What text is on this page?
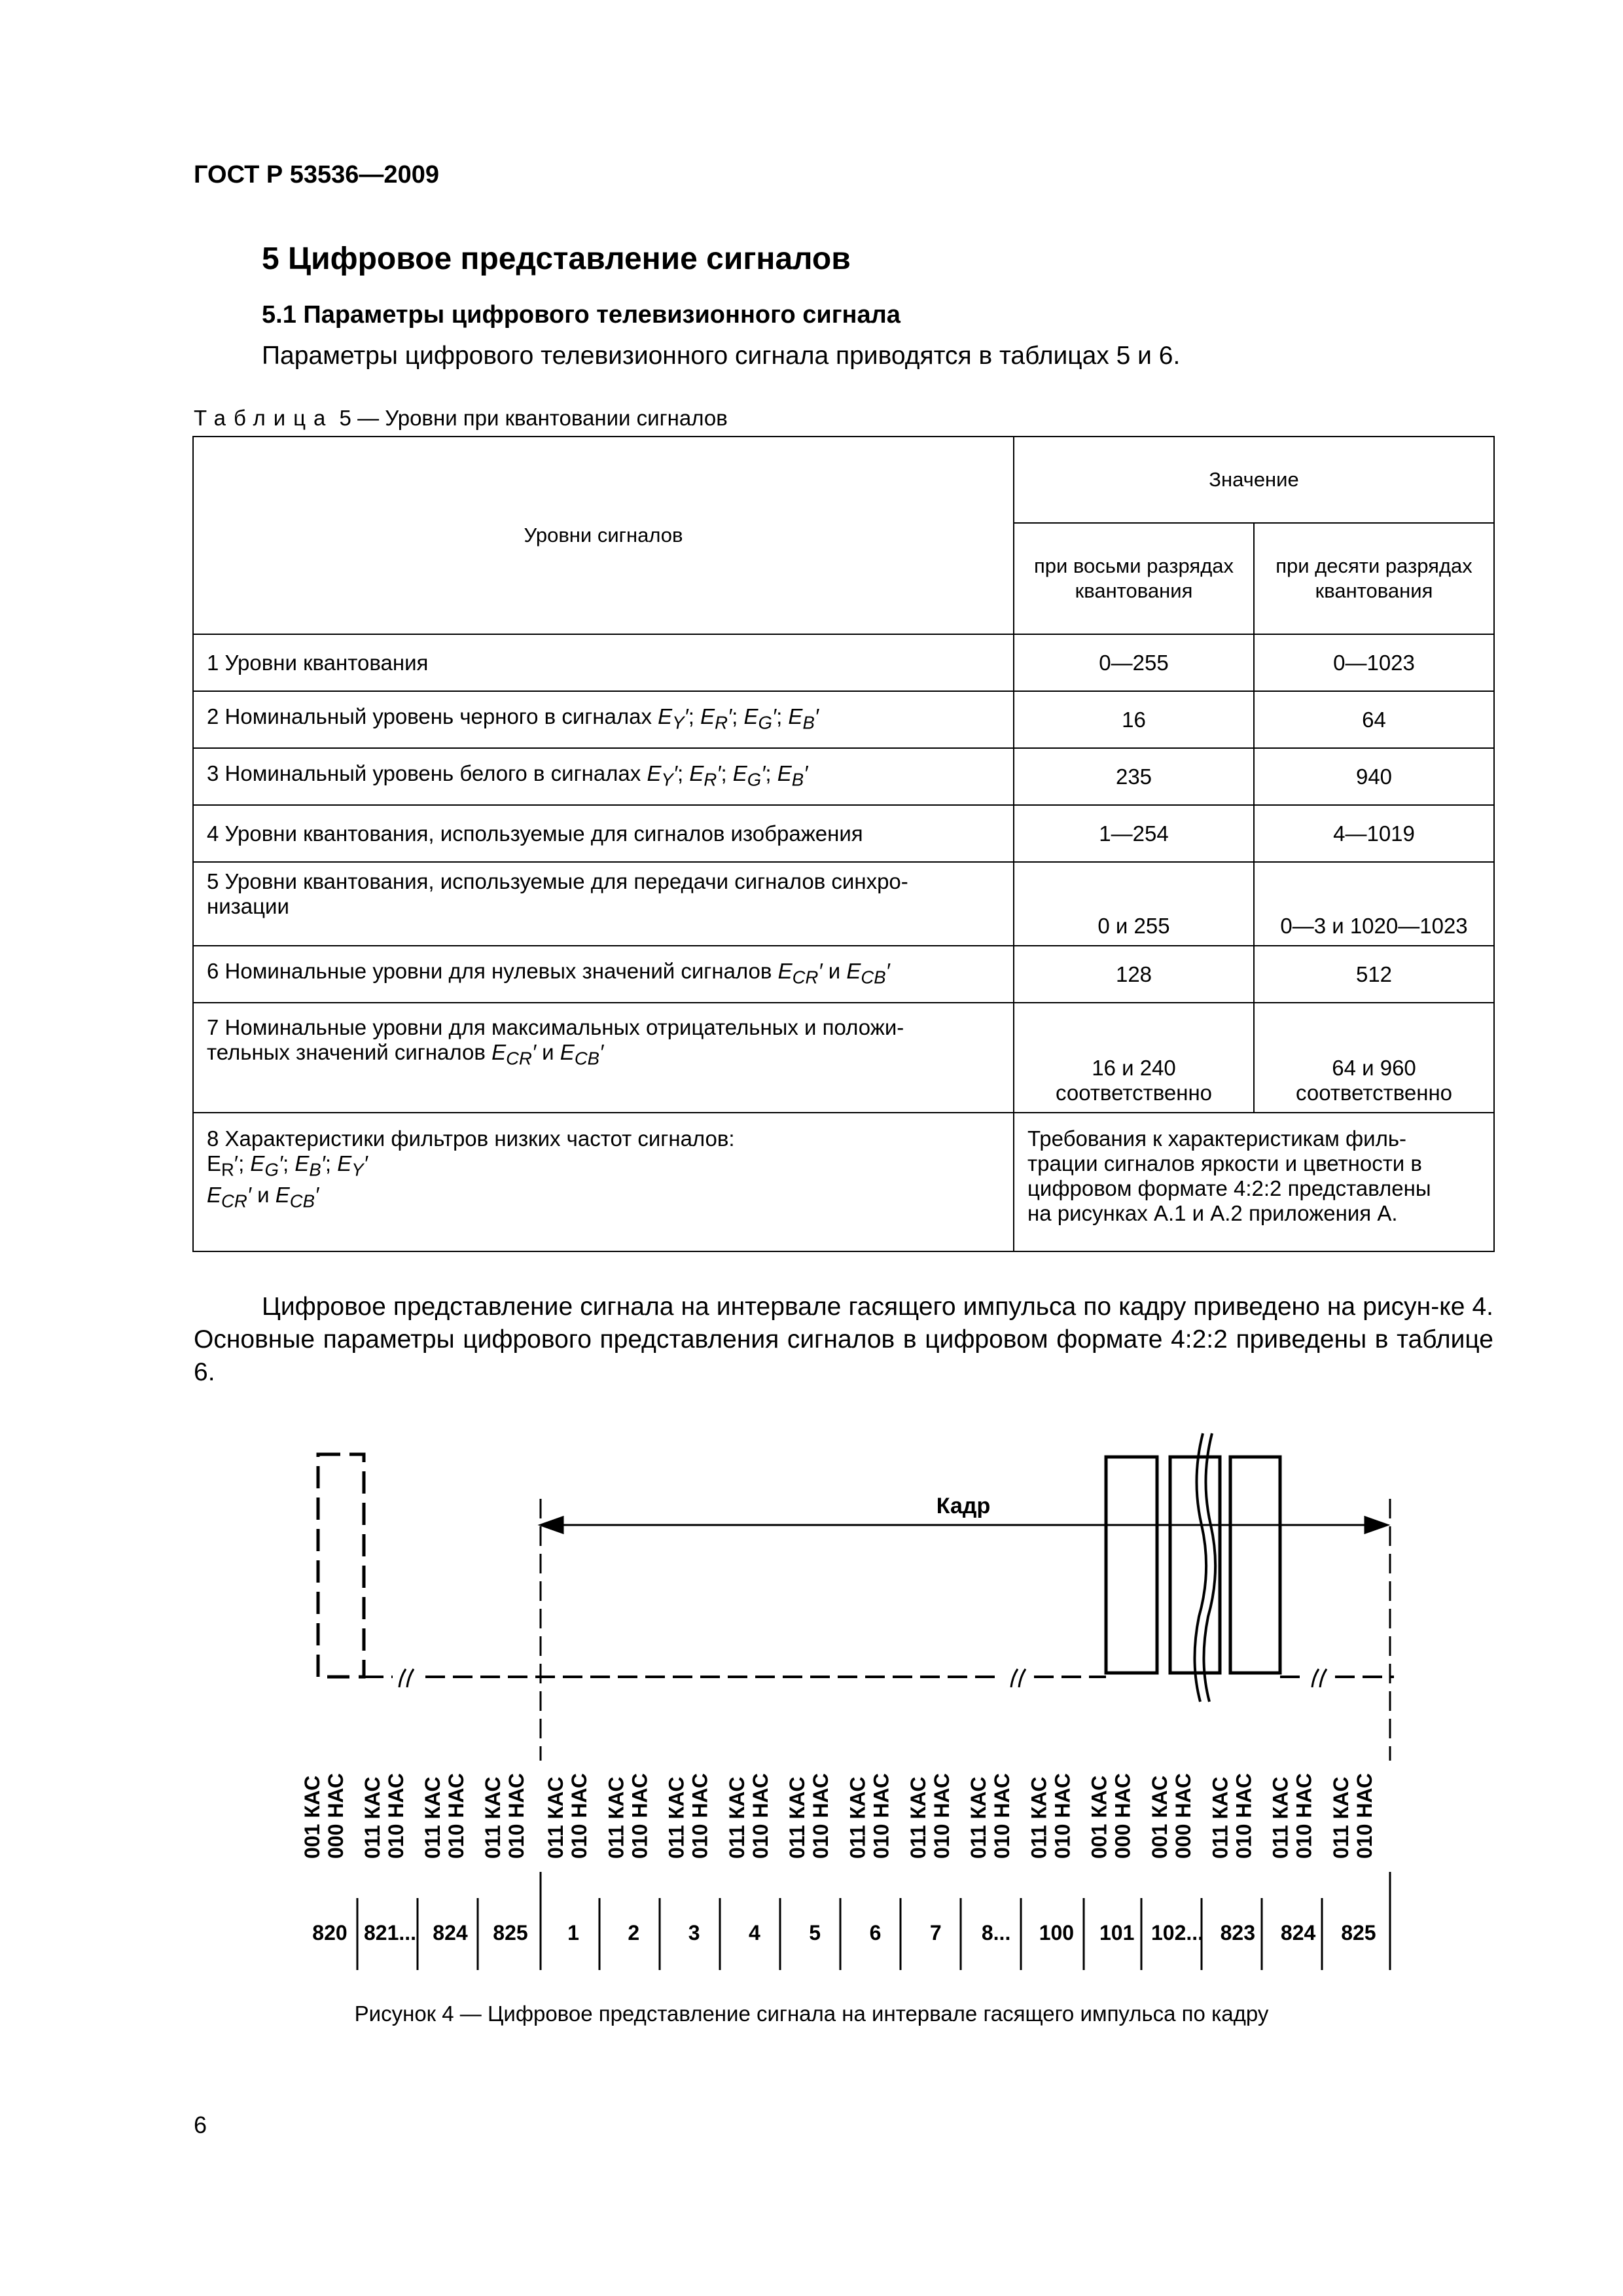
ГОСТ Р 53536—2009
5 Цифровое представление сигналов
5.1 Параметры цифрового телевизионного сигнала
Параметры цифрового телевизионного сигнала приводятся в таблицах 5 и 6.
Таблица 5 — Уровни при квантовании сигналов
Уровни сигналов	Значение	
	при восьми разрядах квантования	при десяти разрядах квантования
1 Уровни квантования	0—255	0—1023
2 Номинальный уровень черного в сигналах $E_Y'$; $E_R'$; $E_G'$; $E_B'$	16	64
3 Номинальный уровень белого в сигналах $E_Y'$; $E_R'$; $E_G'$; $E_B'$	235	940
4 Уровни квантования, используемые для сигналов изображения	1—254	4—1019
5 Уровни квантования, используемые для передачи сигналов синхро-
низации	0 и 255	0—3 и 1020—1023
6 Номинальные уровни для нулевых значений сигналов $E_{CR}'$ и $E_{CB}'$	128	512
7 Номинальные уровни для максимальных отрицательных и положи-
тельных значений сигналов $E_{CR}'$ и $E_{CB}'$	16 и 240
соответственно	64 и 960
соответственно
8 Характеристики фильтров низких частот сигналов:
$E_R'$; $E_G'$; $E_B'$; $E_Y'$
$E_{CR}'$ и $E_{CB}'$	Требования к характеристикам филь-
трации сигналов яркости и цветности в
цифровом формате 4:2:2 представлены
на рисунках А.1 и А.2 приложения А.	
Цифровое представление сигнала на интервале гасящего импульса по кадру приведено на рисун-ке 4. Основные параметры цифрового представления сигналов в цифровом формате 4:2:2 приведены в таблице 6.
Кадр
001 КАС 000 НАС
820
011 КАС 010 НАС
821...
011 КАС 010 НАС
824
011 КАС 010 НАС
825
011 КАС 010 НАС
1
011 КАС 010 НАС
2
011 КАС 010 НАС
3
011 КАС 010 НАС
4
011 КАС 010 НАС
5
011 КАС 010 НАС
6
011 КАС 010 НАС
7
011 КАС 010 НАС
8...
011 КАС 010 НАС
100
001 КАС 000 НАС
101
001 КАС 000 НАС
102...
011 КАС 010 НАС
823
011 КАС 010 НАС
824
011 КАС 010 НАС
825
Рисунок 4 — Цифровое представление сигнала на интервале гасящего импульса по кадру
6
